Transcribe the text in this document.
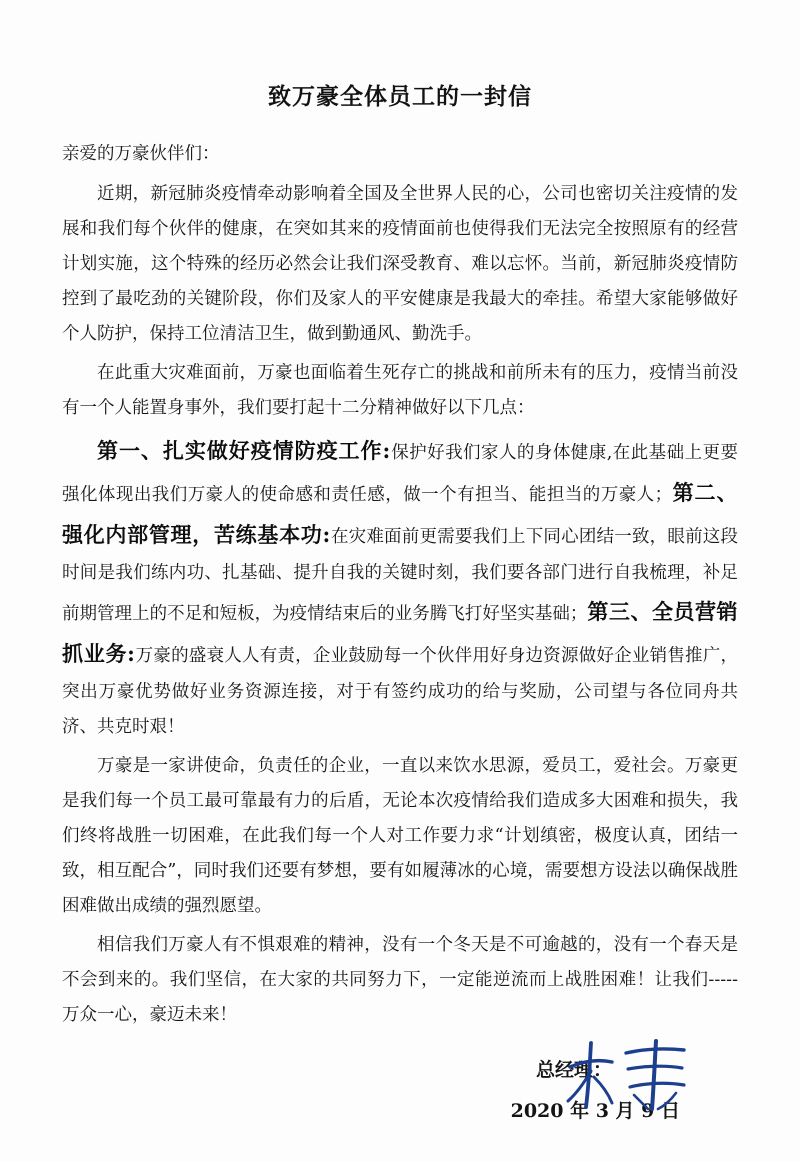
致万豪全体员工的一封信
亲爱的万豪伙伴们：

近期，新冠肺炎疫情牵动影响着全国及全世界人民的心，公司也密切关注疫情的发展和我们每个伙伴的健康，在突如其来的疫情面前也使得我们无法完全按照原有的经营计划实施，这个特殊的经历必然会让我们深受教育、难以忘怀。当前，新冠肺炎疫情防控到了最吃劲的关键阶段，你们及家人的平安健康是我最大的牵挂。希望大家能够做好个人防护，保持工位清洁卫生，做到勤通风、勤洗手。

在此重大灾难面前，万豪也面临着生死存亡的挑战和前所未有的压力，疫情当前没有一个人能置身事外，我们要打起十二分精神做好以下几点：

第一、扎实做好疫情防疫工作:保护好我们家人的身体健康,在此基础上更要强化体现出我们万豪人的使命感和责任感，做一个有担当、能担当的万豪人；第二、强化内部管理，苦练基本功:在灾难面前更需要我们上下同心团结一致，眼前这段时间是我们练内功、扎基础、提升自我的关键时刻，我们要各部门进行自我梳理，补足前期管理上的不足和短板，为疫情结束后的业务腾飞打好坚实基础；第三、全员营销抓业务:万豪的盛衰人人有责，企业鼓励每一个伙伴用好身边资源做好企业销售推广，突出万豪优势做好业务资源连接，对于有签约成功的给与奖励，公司望与各位同舟共济、共克时艰！

万豪是一家讲使命，负责任的企业，一直以来饮水思源，爱员工，爱社会。万豪更是我们每一个员工最可靠最有力的后盾，无论本次疫情给我们造成多大困难和损失，我们终将战胜一切困难，在此我们每一个人对工作要力求“计划缜密，极度认真，团结一致，相互配合”，同时我们还要有梦想，要有如履薄冰的心境，需要想方设法以确保战胜困难做出成绩的强烈愿望。

相信我们万豪人有不惧艰难的精神，没有一个冬天是不可逾越的，没有一个春天是不会到来的。我们坚信，在大家的共同努力下，一定能逆流而上战胜困难！让我们-----万众一心，豪迈未来！

总经理：
2020 年 3 月 9 日
